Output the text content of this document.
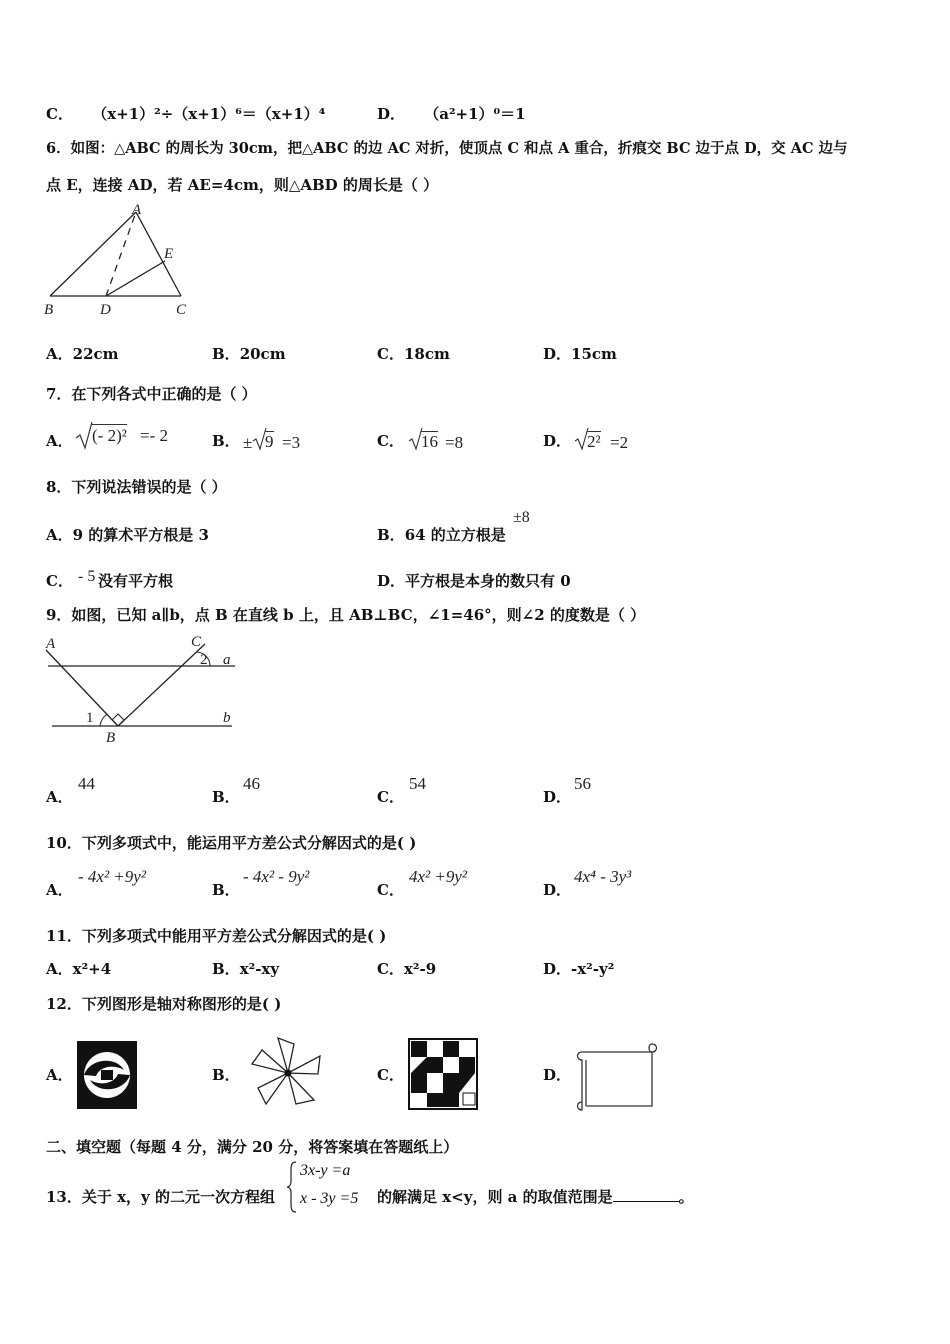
C． （x+1）²÷（x+1）⁶＝（x+1）⁴	D． （a²+1）⁰＝1
6．如图：△ABC 的周长为 30cm，把△ABC 的边 AC 对折，使顶点 C 和点 A 重合，折痕交 BC 边于点 D，交 AC 边与
点 E，连接 AD，若 AE=4cm，则△ABD 的周长是（ ）
A
B	C
D
E
A．22cm	B．20cm	C．18cm	D．15cm
7．在下列各式中正确的是（ ）
A． (- 2)² =- 2	B． ± 9 =3	C． 16 =8	D． 2² =2
8．下列说法错误的是（ ）
A．9 的算术平方根是 3	B．64 的立方根是
±8
C． - 5 没有平方根	D．平方根是本身的数只有 0
9．如图，已知 a∥b，点 B 在直线 b 上，且 AB⊥BC，∠1=46°，则∠2 的度数是（ ）
A	C
B
a
b
1
2
A．
44
B．
46
C．
54
D．
56
10．下列多项式中，能运用平方差公式分解因式的是( )
A．
- 4x² +9y²
B．
- 4x² - 9y²
C．
4x² +9y²
D．
4x⁴ - 3y³
11．下列多项式中能用平方差公式分解因式的是( )
A．x²+4	B．x²-xy	C．x²-9	D．-x²-y²
12．下列图形是轴对称图形的是( )
A．	B．	C．	D．
二、填空题（每题 4 分，满分 20 分，将答案填在答题纸上）
13．关于 x，y 的二元一次方程组
3x-y =a
x - 3y =5 的解满足 x<y，则 a 的取值范围是	。
